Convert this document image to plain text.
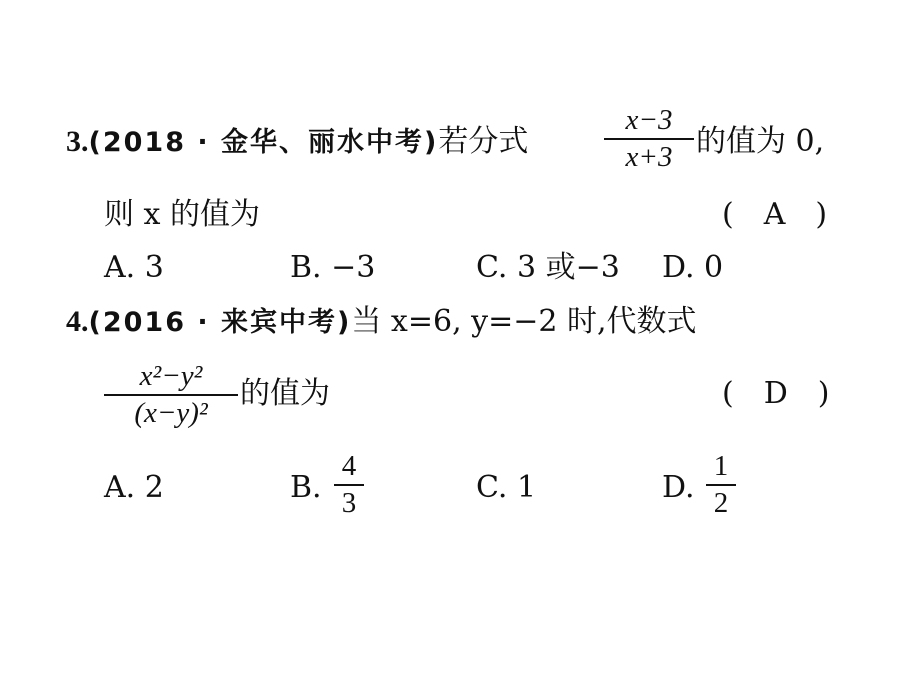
3.(2018 · 金华、丽水中考)若分式
x−3
x+3 的值为 0,
则 x 的值为	(　A　)
A. 3	B. −3	C. 3 或−3 D. 0
4.(2016 · 来宾中考)当 x=6, y=−2 时,代数式
x²−y²
(x−y)²
的值为	(　D　)
A. 2	B.
4
3	C. 1	D.
1
2
